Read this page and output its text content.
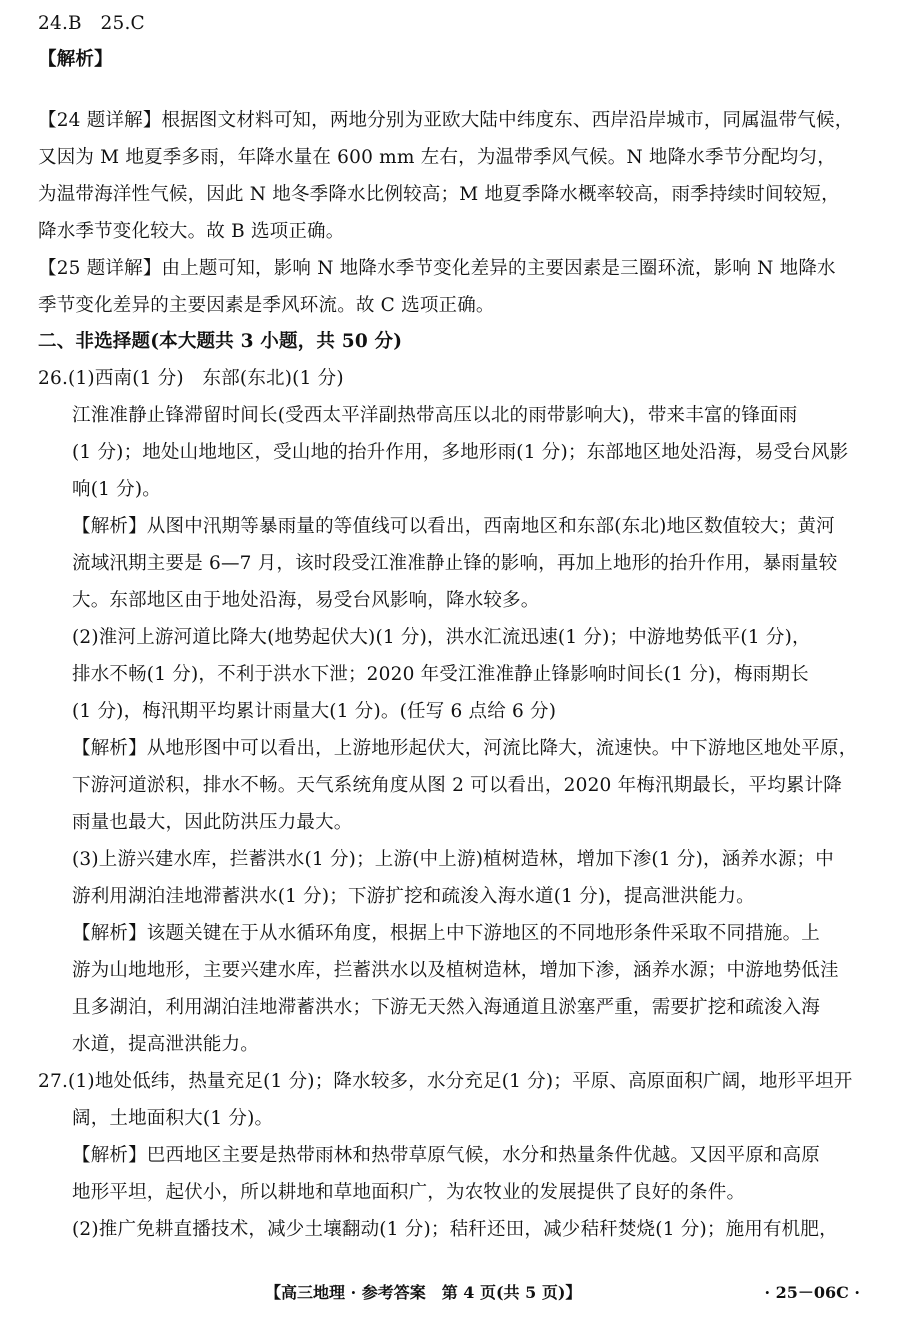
24.B　25.C
【解析】
【24 题详解】根据图文材料可知，两地分别为亚欧大陆中纬度东、西岸沿岸城市，同属温带气候，
又因为 M 地夏季多雨，年降水量在 600 mm 左右，为温带季风气候。N 地降水季节分配均匀，
为温带海洋性气候，因此 N 地冬季降水比例较高；M 地夏季降水概率较高，雨季持续时间较短，
降水季节变化较大。故 B 选项正确。
【25 题详解】由上题可知，影响 N 地降水季节变化差异的主要因素是三圈环流，影响 N 地降水
季节变化差异的主要因素是季风环流。故 C 选项正确。
二、非选择题(本大题共 3 小题，共 50 分)
26.(1)西南(1 分)　东部(东北)(1 分)
江淮准静止锋滞留时间长(受西太平洋副热带高压以北的雨带影响大)，带来丰富的锋面雨
(1 分)；地处山地地区，受山地的抬升作用，多地形雨(1 分)；东部地区地处沿海，易受台风影
响(1 分)。
【解析】从图中汛期等暴雨量的等值线可以看出，西南地区和东部(东北)地区数值较大；黄河
流域汛期主要是 6—7 月，该时段受江淮准静止锋的影响，再加上地形的抬升作用，暴雨量较
大。东部地区由于地处沿海，易受台风影响，降水较多。
(2)淮河上游河道比降大(地势起伏大)(1 分)，洪水汇流迅速(1 分)；中游地势低平(1 分)，
排水不畅(1 分)，不利于洪水下泄；2020 年受江淮准静止锋影响时间长(1 分)，梅雨期长
(1 分)，梅汛期平均累计雨量大(1 分)。(任写 6 点给 6 分)
【解析】从地形图中可以看出，上游地形起伏大，河流比降大，流速快。中下游地区地处平原，
下游河道淤积，排水不畅。天气系统角度从图 2 可以看出，2020 年梅汛期最长，平均累计降
雨量也最大，因此防洪压力最大。
(3)上游兴建水库，拦蓄洪水(1 分)；上游(中上游)植树造林，增加下渗(1 分)，涵养水源；中
游利用湖泊洼地滞蓄洪水(1 分)；下游扩挖和疏浚入海水道(1 分)，提高泄洪能力。
【解析】该题关键在于从水循环角度，根据上中下游地区的不同地形条件采取不同措施。上
游为山地地形，主要兴建水库，拦蓄洪水以及植树造林，增加下渗，涵养水源；中游地势低洼
且多湖泊，利用湖泊洼地滞蓄洪水；下游无天然入海通道且淤塞严重，需要扩挖和疏浚入海
水道，提高泄洪能力。
27.(1)地处低纬，热量充足(1 分)；降水较多，水分充足(1 分)；平原、高原面积广阔，地形平坦开
阔，土地面积大(1 分)。
【解析】巴西地区主要是热带雨林和热带草原气候，水分和热量条件优越。又因平原和高原
地形平坦，起伏小，所以耕地和草地面积广，为农牧业的发展提供了良好的条件。
(2)推广免耕直播技术，减少土壤翻动(1 分)；秸秆还田，减少秸秆焚烧(1 分)；施用有机肥，
【高三地理 · 参考答案　第 4 页(共 5 页)】	· 25－06C ·
